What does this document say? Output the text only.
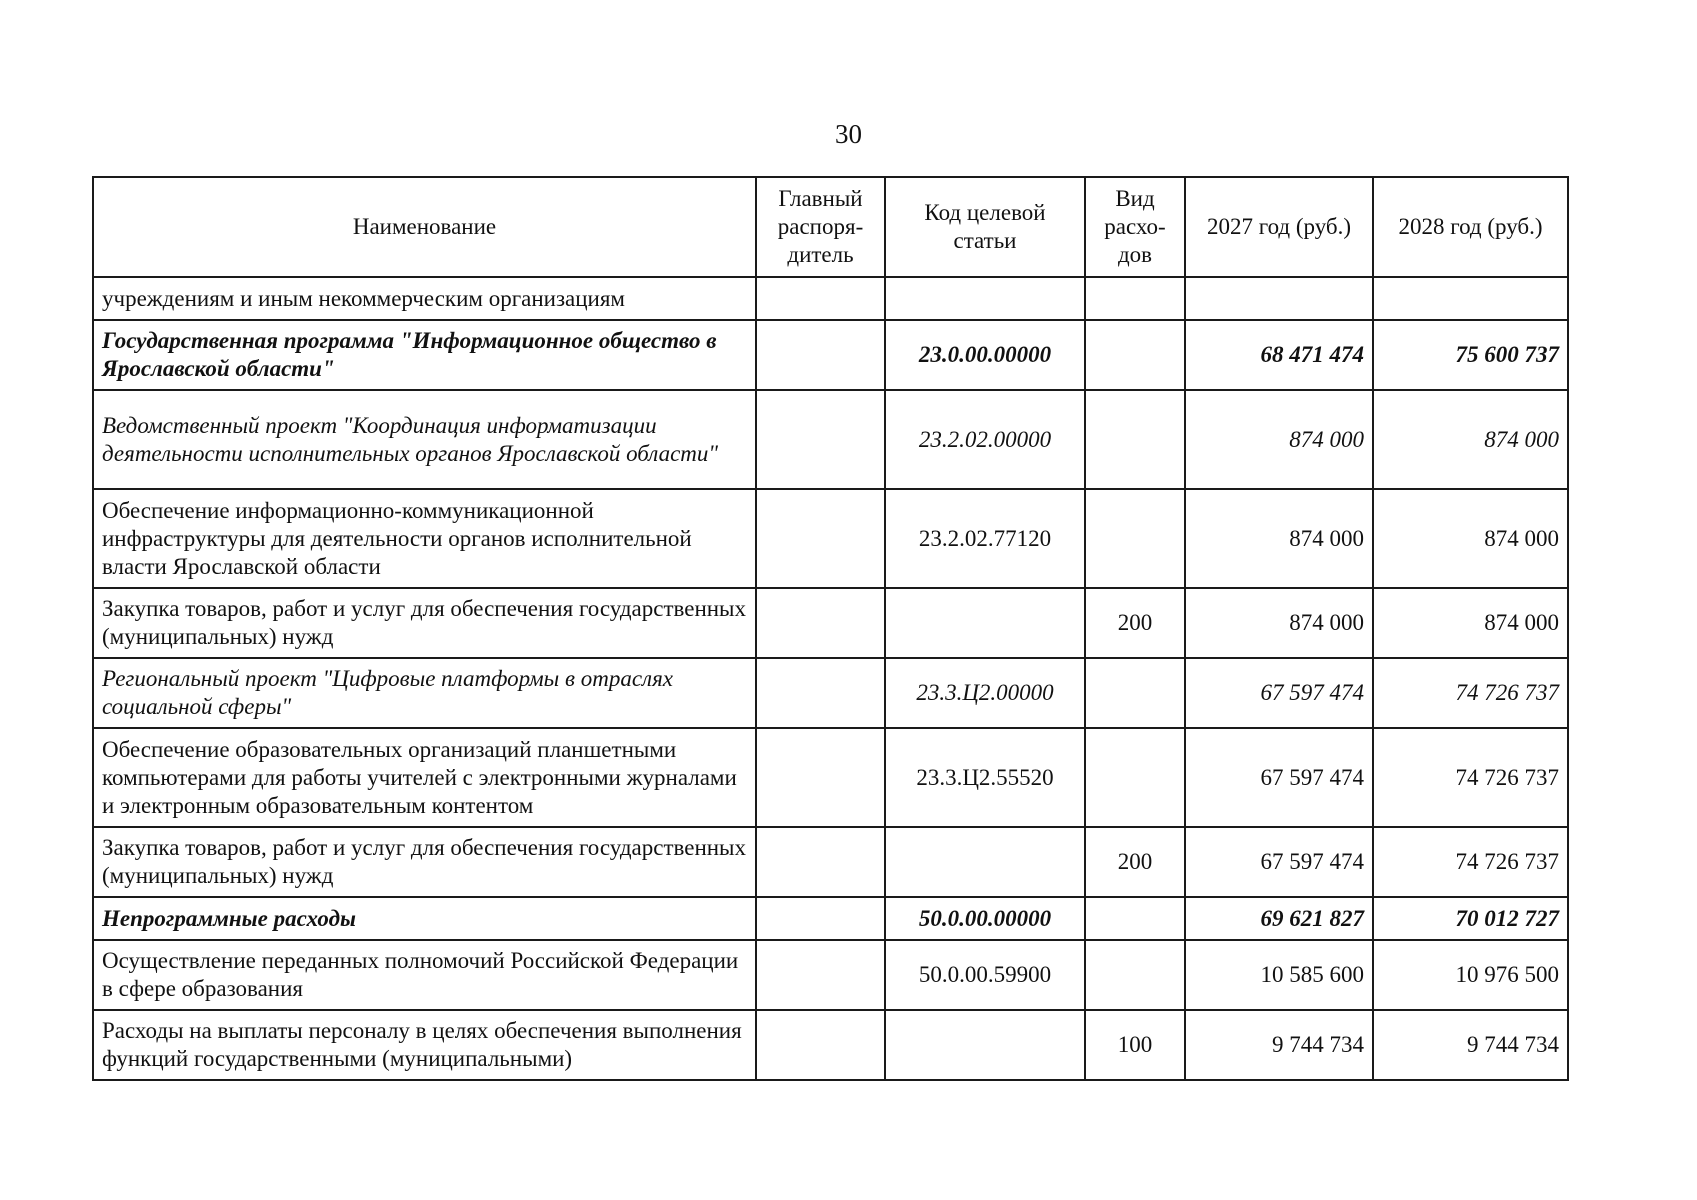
30
Наименование	Главный распоря- дитель	Код целевой статьи	Вид расхо- дов	2027 год (руб.)	2028 год (руб.)
учреждениям и иным некоммерческим организациям					
Государственная программа "Информационное общество в Ярославской области"		23.0.00.00000		68 471 474	75 600 737
Ведомственный проект "Координация информатизации деятельности исполнительных органов Ярославской области"		23.2.02.00000		874 000	874 000
Обеспечение информационно-коммуникационной инфраструктуры для деятельности органов исполнительной власти Ярославской области		23.2.02.77120		874 000	874 000
Закупка товаров, работ и услуг для обеспечения государственных (муниципальных) нужд			200	874 000	874 000
Региональный проект "Цифровые платформы в отраслях социальной сферы"		23.3.Ц2.00000		67 597 474	74 726 737
Обеспечение образовательных организаций планшетными компьютерами для работы учителей с электронными журналами и электронным образовательным контентом		23.3.Ц2.55520		67 597 474	74 726 737
Закупка товаров, работ и услуг для обеспечения государственных (муниципальных) нужд			200	67 597 474	74 726 737
Непрограммные расходы		50.0.00.00000		69 621 827	70 012 727
Осуществление переданных полномочий Российской Федерации в сфере образования		50.0.00.59900		10 585 600	10 976 500
Расходы на выплаты персоналу в целях обеспечения выполнения функций государственными (муниципальными)			100	9 744 734	9 744 734
